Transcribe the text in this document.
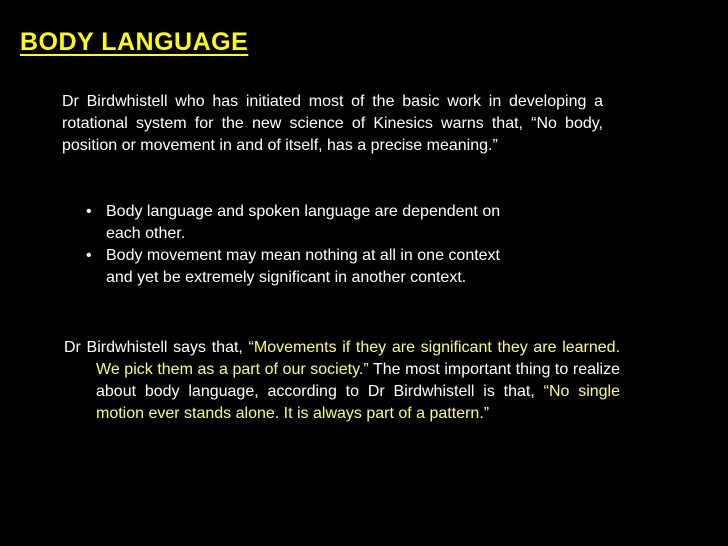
BODY LANGUAGE
Dr Birdwhistell who has initiated most of the basic work in developing a rotational system for the new science of Kinesics warns that, “No body, position or movement in and of itself, has a precise meaning.”
• Body language and spoken language are dependent on each other.
• Body movement may mean nothing at all in one context and yet be extremely significant in another context.
Dr Birdwhistell says that, “Movements if they are significant they are learned. We pick them as a part of our society.” The most important thing to realize about body language, according to Dr Birdwhistell is that, “No single motion ever stands alone. It is always part of a pattern.”
